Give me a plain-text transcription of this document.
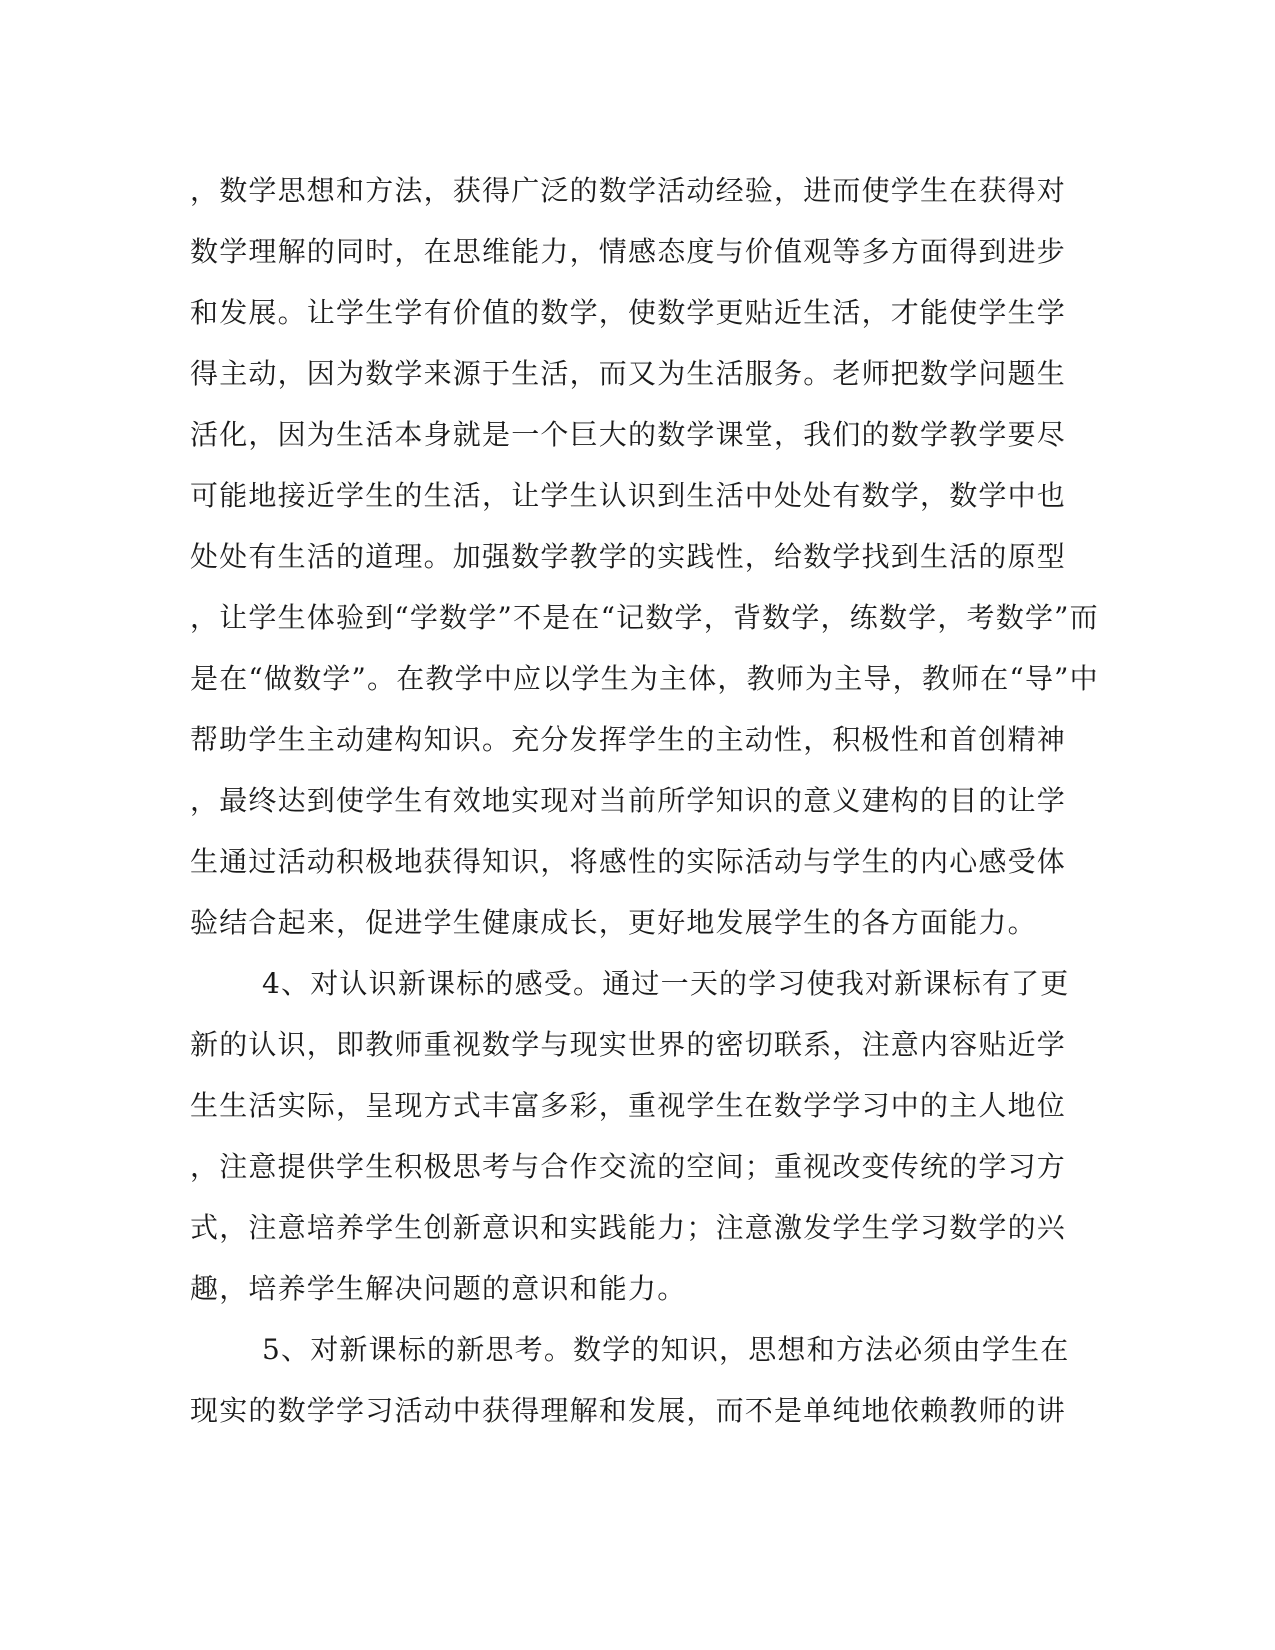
，数学思想和方法，获得广泛的数学活动经验，进而使学生在获得对
数学理解的同时，在思维能力，情感态度与价值观等多方面得到进步
和发展。让学生学有价值的数学，使数学更贴近生活，才能使学生学
得主动，因为数学来源于生活，而又为生活服务。老师把数学问题生
活化，因为生活本身就是一个巨大的数学课堂，我们的数学教学要尽
可能地接近学生的生活，让学生认识到生活中处处有数学，数学中也
处处有生活的道理。加强数学教学的实践性，给数学找到生活的原型
，让学生体验到“学数学”不是在“记数学，背数学，练数学，考数学”而
是在“做数学”。在教学中应以学生为主体，教师为主导，教师在“导”中
帮助学生主动建构知识。充分发挥学生的主动性，积极性和首创精神
，最终达到使学生有效地实现对当前所学知识的意义建构的目的让学
生通过活动积极地获得知识，将感性的实际活动与学生的内心感受体
验结合起来，促进学生健康成长，更好地发展学生的各方面能力。
4、对认识新课标的感受。通过一天的学习使我对新课标有了更
新的认识，即教师重视数学与现实世界的密切联系，注意内容贴近学
生生活实际，呈现方式丰富多彩，重视学生在数学学习中的主人地位
，注意提供学生积极思考与合作交流的空间；重视改变传统的学习方
式，注意培养学生创新意识和实践能力；注意激发学生学习数学的兴
趣，培养学生解决问题的意识和能力。
5、对新课标的新思考。数学的知识，思想和方法必须由学生在
现实的数学学习活动中获得理解和发展，而不是单纯地依赖教师的讲
